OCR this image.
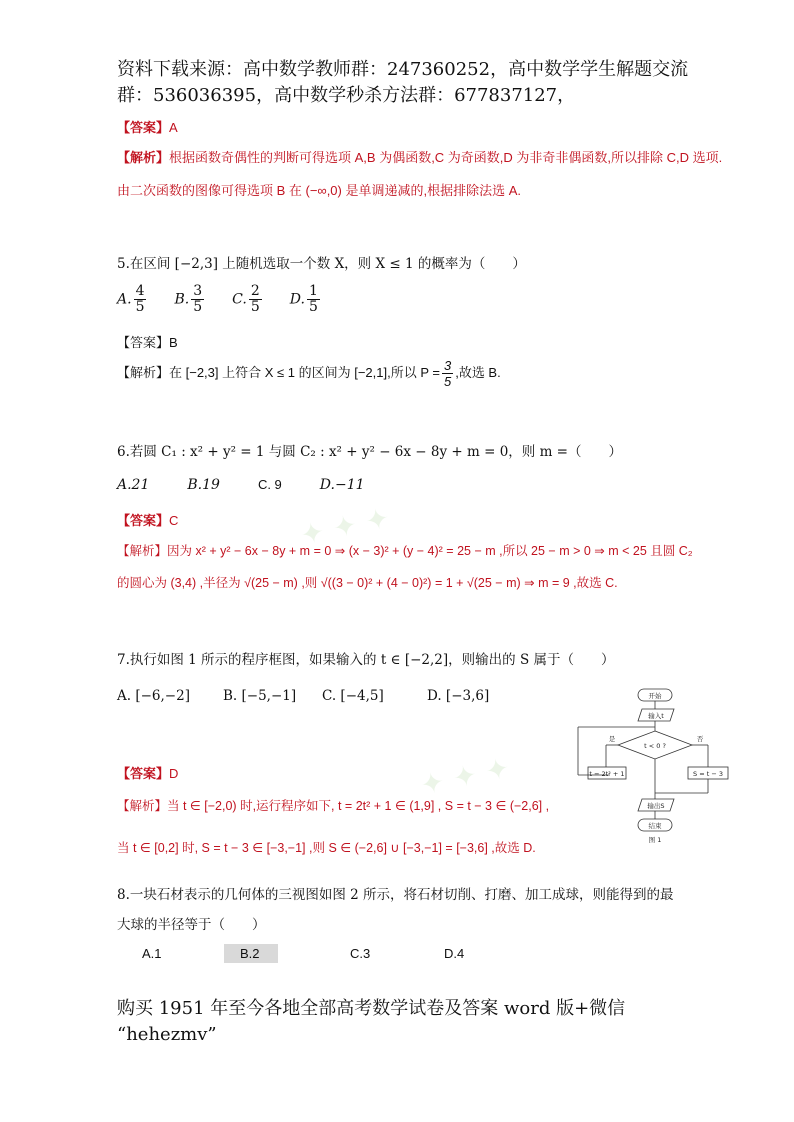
✦ ✦ ✦
✦ ✦ ✦
资料下载来源：高中数学教师群：247360252，高中数学学生解题交流
群：536036395，高中数学秒杀方法群：677837127，
【答案】A
【解析】根据函数奇偶性的判断可得选项 A,B 为偶函数,C 为奇函数,D 为非奇非偶函数,所以排除 C,D 选项.
由二次函数的图像可得选项 B 在 (−∞,0) 是单调递减的,根据排除法选 A.
5.在区间 [−2,3] 上随机选取一个数 X，则 X ≤ 1 的概率为（　　）
A. $\frac{4}{5} B$. $\frac{3}{5} C$. $\frac{2}{5} D$. $\frac{1}{5}$
【答案】B
【解析】在 [−2,3] 上符合 X ≤ 1 的区间为 [−2,1],所以 $P = \frac{3}{5}$ ,故选 B.
6.若圆 C₁ : x² + y² = 1 与圆 C₂ : x² + y² − 6x − 8y + m = 0，则 m =（　　）
A.21	B.19	C. 9	D.−11
【答案】C
【解析】因为 x² + y² − 6x − 8y + m = 0 ⇒ (x − 3)² + (y − 4)² = 25 − m ,所以 25 − m > 0 ⇒ m < 25 且圆 C₂
的圆心为 (3,4) ,半径为 √(25 − m) ,则 √((3 − 0)² + (4 − 0)²) = 1 + √(25 − m) ⇒ m = 9 ,故选 C.
7.执行如图 1 所示的程序框图，如果输入的 t ∈ [−2,2]，则输出的 S 属于（　　）
A. [−6,−2] B. [−5,−1] C. [−4,5]	D. [−3,6]
【答案】D
【解析】当 t ∈ [−2,0) 时,运行程序如下, t = 2t² + 1 ∈ (1,9] , S = t − 3 ∈ (−2,6] ,
当 t ∈ [0,2] 时, S = t − 3 ∈ [−3,−1] ,则 S ∈ (−2,6] ∪ [−3,−1] = [−3,6] ,故选 D.
开始
输入t
t < 0 ?
是	否
t = 2t² + 1	S = t − 3
输出S
结束
图 1
8.一块石材表示的几何体的三视图如图 2 所示，将石材切削、打磨、加工成球，则能得到的最
大球的半径等于（　　）
A.1	B.2	C.3	D.4
购买 1951 年至今各地全部高考数学试卷及答案 word 版+微信
“hehezmv”
